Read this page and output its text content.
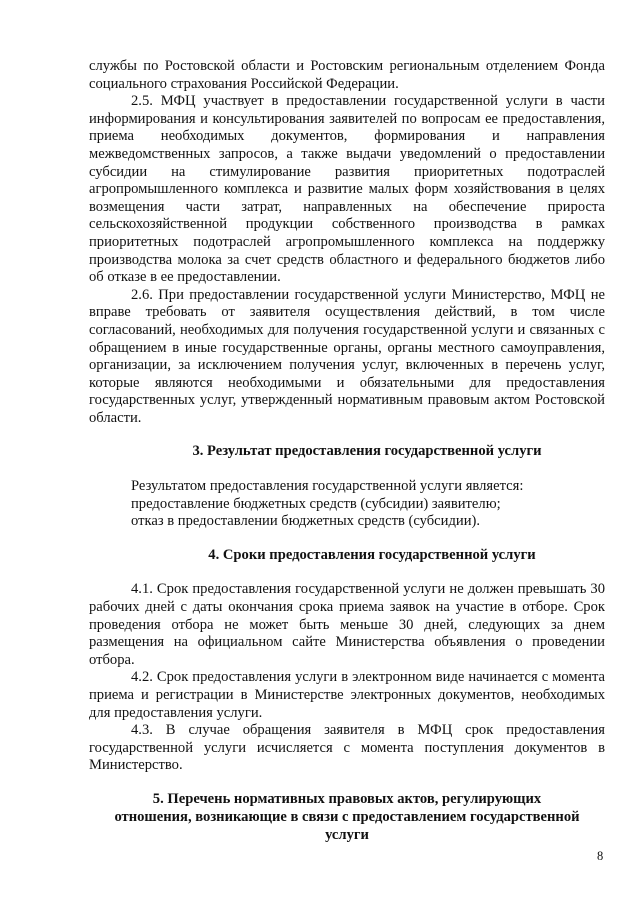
службы по Ростовской области и Ростовским региональным отделением Фонда социального страхования Российской Федерации.

2.5. МФЦ участвует в предоставлении государственной услуги в части информирования и консультирования заявителей по вопросам ее предоставления, приема необходимых документов, формирования и направления межведомственных запросов, а также выдачи уведомлений о предоставлении субсидии на стимулирование развития приоритетных подотраслей агропромышленного комплекса и развитие малых форм хозяйствования в целях возмещения части затрат, направленных на обеспечение прироста сельскохозяйственной продукции собственного производства в рамках приоритетных подотраслей агропромышленного комплекса на поддержку производства молока за счет средств областного и федерального бюджетов либо об отказе в ее предоставлении.

2.6. При предоставлении государственной услуги Министерство, МФЦ не вправе требовать от заявителя осуществления действий, в том числе согласований, необходимых для получения государственной услуги и связанных с обращением в иные государственные органы, органы местного самоуправления, организации, за исключением получения услуг, включенных в перечень услуг, которые являются необходимыми и обязательными для предоставления государственных услуг, утвержденный нормативным правовым актом Ростовской области.

3. Результат предоставления государственной услуги

Результатом предоставления государственной услуги является:
предоставление бюджетных средств (субсидии) заявителю;
отказ в предоставлении бюджетных средств (субсидии).

4. Сроки предоставления государственной услуги

4.1. Срок предоставления государственной услуги не должен превышать 30 рабочих дней с даты окончания срока приема заявок на участие в отборе. Срок проведения отбора не может быть меньше 30 дней, следующих за днем размещения на официальном сайте Министерства объявления о проведении отбора.

4.2. Срок предоставления услуги в электронном виде начинается с момента приема и регистрации в Министерстве электронных документов, необходимых для предоставления услуги.

4.3. В случае обращения заявителя в МФЦ срок предоставления государственной услуги исчисляется с момента поступления документов в Министерство.

5. Перечень нормативных правовых актов, регулирующих
отношения, возникающие в связи с предоставлением государственной
услуги
8
